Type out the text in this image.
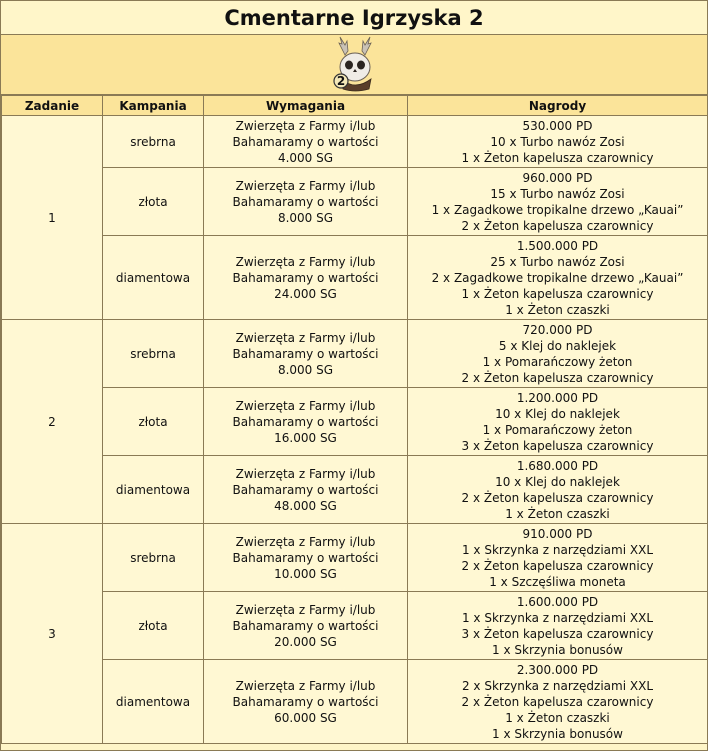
Cmentarne Igrzyska 2
2
Zadanie	Kampania	Wymagania	Nagrody
1	srebrna	Zwierzęta z Farmy i/lub
Bahamaramy o wartości
4.000 SG	530.000 PD
10 x Turbo nawóz Zosi
1 x Żeton kapelusza czarownicy

	złota	Zwierzęta z Farmy i/lub
Bahamaramy o wartości
8.000 SG	960.000 PD
15 x Turbo nawóz Zosi
1 x Zagadkowe tropikalne drzewo „Kauai”
2 x Żeton kapelusza czarownicy

	diamentowa	Zwierzęta z Farmy i/lub
Bahamaramy o wartości
24.000 SG	1.500.000 PD
25 x Turbo nawóz Zosi
2 x Zagadkowe tropikalne drzewo „Kauai”
1 x Żeton kapelusza czarownicy
1 x Żeton czaszki

2	srebrna	Zwierzęta z Farmy i/lub
Bahamaramy o wartości
8.000 SG	720.000 PD
5 x Klej do naklejek
1 x Pomarańczowy żeton
2 x Żeton kapelusza czarownicy

	złota	Zwierzęta z Farmy i/lub
Bahamaramy o wartości
16.000 SG	1.200.000 PD
10 x Klej do naklejek
1 x Pomarańczowy żeton
3 x Żeton kapelusza czarownicy

	diamentowa	Zwierzęta z Farmy i/lub
Bahamaramy o wartości
48.000 SG	1.680.000 PD
10 x Klej do naklejek
2 x Żeton kapelusza czarownicy
1 x Żeton czaszki

3	srebrna	Zwierzęta z Farmy i/lub
Bahamaramy o wartości
10.000 SG	910.000 PD
1 x Skrzynka z narzędziami XXL
2 x Żeton kapelusza czarownicy
1 x Szczęśliwa moneta

	złota	Zwierzęta z Farmy i/lub
Bahamaramy o wartości
20.000 SG	1.600.000 PD
1 x Skrzynka z narzędziami XXL
3 x Żeton kapelusza czarownicy
1 x Skrzynia bonusów

	diamentowa	Zwierzęta z Farmy i/lub
Bahamaramy o wartości
60.000 SG	2.300.000 PD
2 x Skrzynka z narzędziami XXL
2 x Żeton kapelusza czarownicy
1 x Żeton czaszki
1 x Skrzynia bonusów
